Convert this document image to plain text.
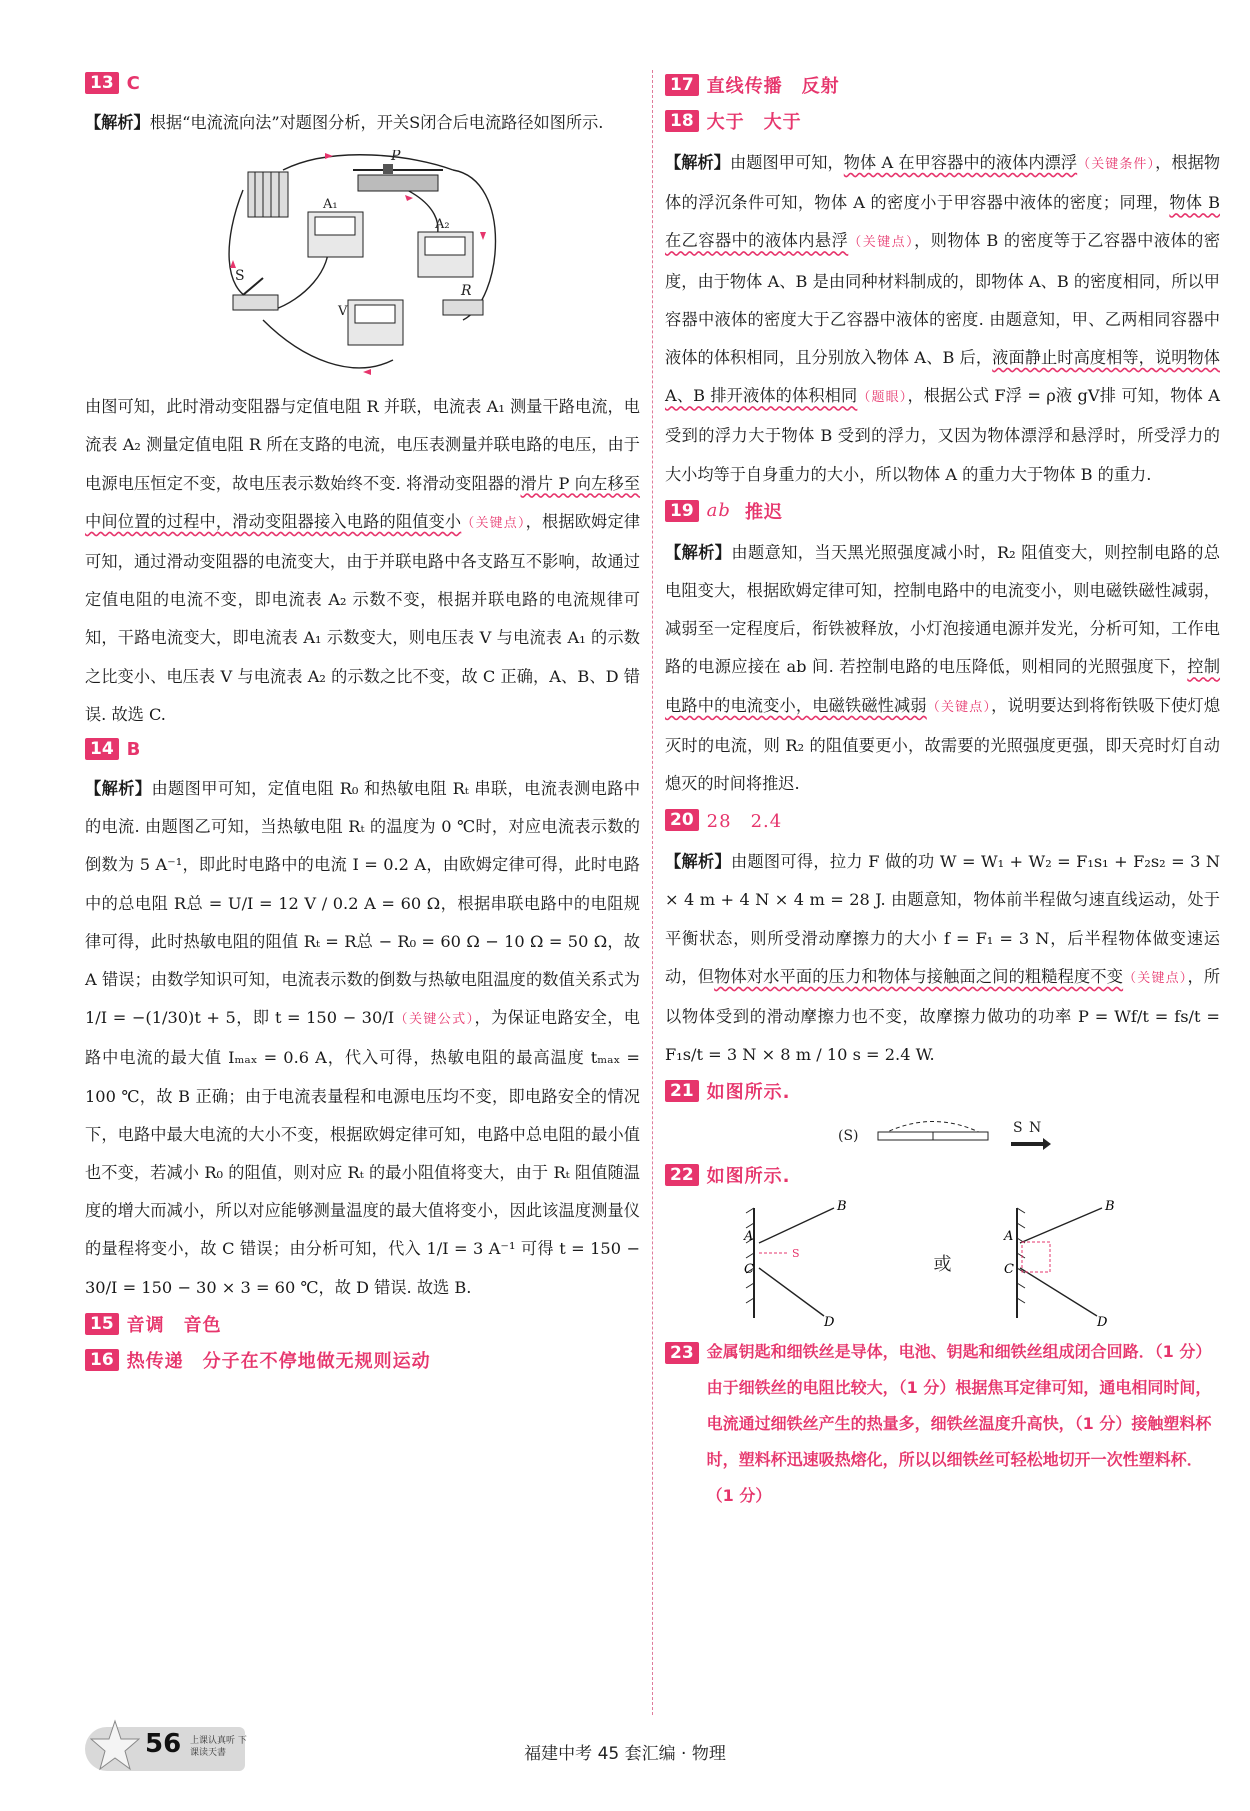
13 C

【解析】根据“电流流向法”对题图分析，开关S闭合后电流路径如图所示.

P
A₁
A₂
S
V
R

由图可知，此时滑动变阻器与定值电阻 R 并联，电流表 A₁ 测量干路电流，电流表 A₂ 测量定值电阻 R 所在支路的电流，电压表测量并联电路的电压，由于电源电压恒定不变，故电压表示数始终不变. 将滑动变阻器的滑片 P 向左移至中间位置的过程中，滑动变阻器接入电路的阻值变小（关键点），根据欧姆定律可知，通过滑动变阻器的电流变大，由于并联电路中各支路互不影响，故通过定值电阻的电流不变，即电流表 A₂ 示数不变，根据并联电路的电流规律可知，干路电流变大，即电流表 A₁ 示数变大，则电压表 V 与电流表 A₁ 的示数之比变小、电压表 V 与电流表 A₂ 的示数之比不变，故 C 正确，A、B、D 错误. 故选 C.

14 B

【解析】由题图甲可知，定值电阻 R₀ 和热敏电阻 Rₜ 串联，电流表测电路中的电流. 由题图乙可知，当热敏电阻 Rₜ 的温度为 0 ℃时，对应电流表示数的倒数为 5 A⁻¹，即此时电路中的电流 I = 0.2 A，由欧姆定律可得，此时电路中的总电阻 R总 = U/I = 12 V / 0.2 A = 60 Ω，根据串联电路中的电阻规律可得，此时热敏电阻的阻值 Rₜ = R总 − R₀ = 60 Ω − 10 Ω = 50 Ω，故 A 错误；由数学知识可知，电流表示数的倒数与热敏电阻温度的数值关系式为 1/I = −(1/30)t + 5，即 t = 150 − 30/I（关键公式），为保证电路安全，电路中电流的最大值 Iₘₐₓ = 0.6 A，代入可得，热敏电阻的最高温度 tₘₐₓ = 100 ℃，故 B 正确；由于电流表量程和电源电压均不变，即电路安全的情况下，电路中最大电流的大小不变，根据欧姆定律可知，电路中总电阻的最小值也不变，若减小 R₀ 的阻值，则对应 Rₜ 的最小阻值将变大，由于 Rₜ 阻值随温度的增大而减小，所以对应能够测量温度的最大值将变小，因此该温度测量仪的量程将变小，故 C 错误；由分析可知，代入 1/I = 3 A⁻¹ 可得 t = 150 − 30/I = 150 − 30 × 3 = 60 ℃，故 D 错误. 故选 B.

15 音调　音色
16 热传递　分子在不停地做无规则运动
17 直线传播　反射
18 大于　大于

【解析】由题图甲可知，物体 A 在甲容器中的液体内漂浮（关键条件），根据物体的浮沉条件可知，物体 A 的密度小于甲容器中液体的密度；同理，物体 B 在乙容器中的液体内悬浮（关键点），则物体 B 的密度等于乙容器中液体的密度，由于物体 A、B 是由同种材料制成的，即物体 A、B 的密度相同，所以甲容器中液体的密度大于乙容器中液体的密度. 由题意知，甲、乙两相同容器中液体的体积相同，且分别放入物体 A、B 后，液面静止时高度相等，说明物体 A、B 排开液体的体积相同（题眼），根据公式 F浮 = ρ液 gV排 可知，物体 A 受到的浮力大于物体 B 受到的浮力，又因为物体漂浮和悬浮时，所受浮力的大小均等于自身重力的大小，所以物体 A 的重力大于物体 B 的重力.

19 ab 推迟

【解析】由题意知，当天黑光照强度减小时，R₂ 阻值变大，则控制电路的总电阻变大，根据欧姆定律可知，控制电路中的电流变小，则电磁铁磁性减弱，减弱至一定程度后，衔铁被释放，小灯泡接通电源并发光，分析可知，工作电路的电源应接在 ab 间. 若控制电路的电压降低，则相同的光照强度下，控制电路中的电流变小，电磁铁磁性减弱（关键点），说明要达到将衔铁吸下使灯熄灭时的电流，则 R₂ 的阻值要更小，故需要的光照强度更强，即天亮时灯自动熄灭的时间将推迟.

20 28　2.4

【解析】由题图可得，拉力 F 做的功 W = W₁ + W₂ = F₁s₁ + F₂s₂ = 3 N × 4 m + 4 N × 4 m = 28 J. 由题意知，物体前半程做匀速直线运动，处于平衡状态，则所受滑动摩擦力的大小 f = F₁ = 3 N，后半程物体做变速运动，但物体对水平面的压力和物体与接触面之间的粗糙程度不变（关键点），所以物体受到的滑动摩擦力也不变，故摩擦力做功的功率 P = Wf/t = fs/t = F₁s/t = 3 N × 8 m / 10 s = 2.4 W.

21 如图所示.
(S)	S N
22 如图所示.
A
B
C
D
S
或
A
B
C
D
23 金属钥匙和细铁丝是导体，电池、钥匙和细铁丝组成闭合回路．（1 分）由于细铁丝的电阻比较大，（1 分）根据焦耳定律可知，通电相同时间，电流通过细铁丝产生的热量多，细铁丝温度升高快，（1 分）接触塑料杯时，塑料杯迅速吸热熔化，所以以细铁丝可轻松地切开一次性塑料杯．（1 分）

56 上课认真听 下课读天書	福建中考 45 套汇编 · 物理
